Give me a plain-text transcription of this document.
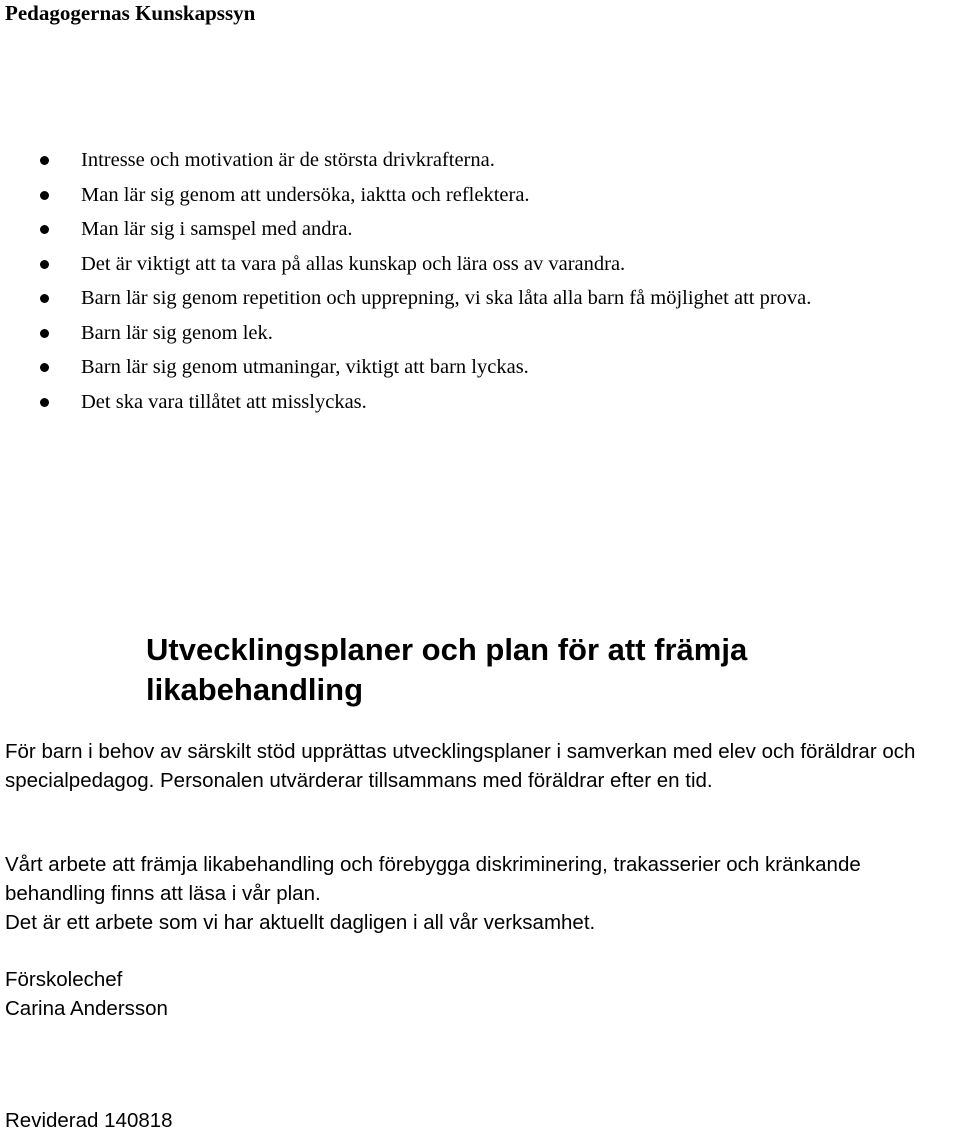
Pedagogernas Kunskapssyn
Intresse och motivation är de största drivkrafterna.
Man lär sig genom att undersöka, iaktta och reflektera.
Man lär sig i samspel med andra.
Det är viktigt att ta vara på allas kunskap och lära oss av varandra.
Barn lär sig genom repetition och upprepning, vi ska låta alla barn få möjlighet att prova.
Barn lär sig genom lek.
Barn lär sig genom utmaningar, viktigt att barn lyckas.
Det ska vara tillåtet att misslyckas.
Utvecklingsplaner och plan för att främja likabehandling

För barn i behov av särskilt stöd upprättas utvecklingsplaner i samverkan med elev och föräldrar och specialpedagog. Personalen utvärderar tillsammans med föräldrar efter en tid.

Vårt arbete att främja likabehandling och förebygga diskriminering, trakasserier och kränkande behandling finns att läsa i vår plan.

Det är ett arbete som vi har aktuellt dagligen i all vår verksamhet.

Förskolechef

Carina Andersson

Reviderad 140818
